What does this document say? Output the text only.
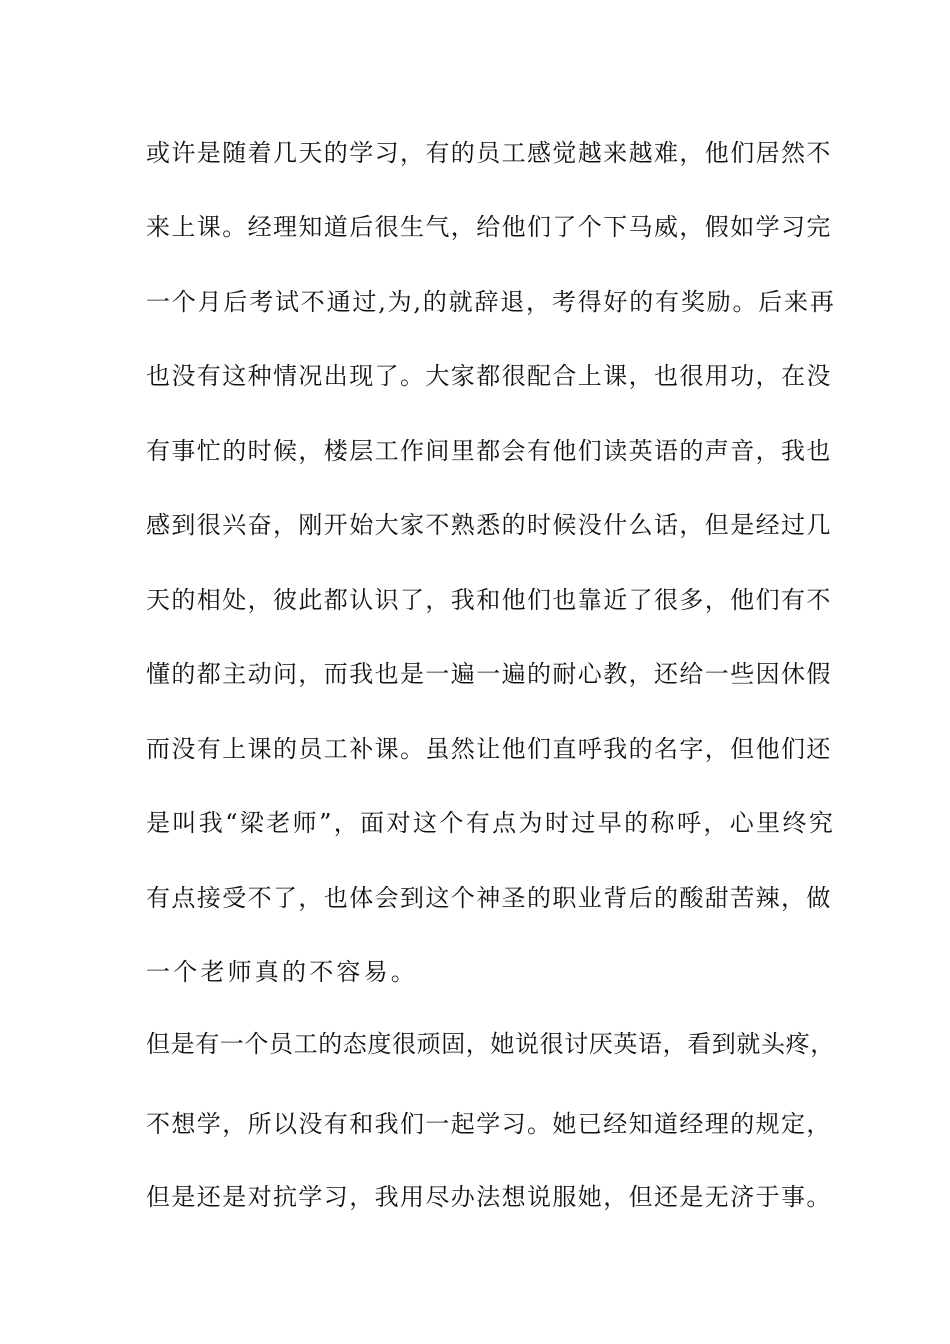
或许是随着几天的学习，有的员工感觉越来越难，他们居然不
来上课。经理知道后很生气，给他们了个下马威，假如学习完
一个月后考试不通过,为,的就辞退，考得好的有奖励。后来再
也没有这种情况出现了。大家都很配合上课，也很用功，在没
有事忙的时候，楼层工作间里都会有他们读英语的声音，我也
感到很兴奋，刚开始大家不熟悉的时候没什么话，但是经过几
天的相处，彼此都认识了，我和他们也靠近了很多，他们有不
懂的都主动问，而我也是一遍一遍的耐心教，还给一些因休假
而没有上课的员工补课。虽然让他们直呼我的名字，但他们还
是叫我“梁老师”，面对这个有点为时过早的称呼，心里终究
有点接受不了，也体会到这个神圣的职业背后的酸甜苦辣，做
一个老师真的不容易。
但是有一个员工的态度很顽固，她说很讨厌英语，看到就头疼，
不想学，所以没有和我们一起学习。她已经知道经理的规定，
但是还是对抗学习，我用尽办法想说服她，但还是无济于事。
